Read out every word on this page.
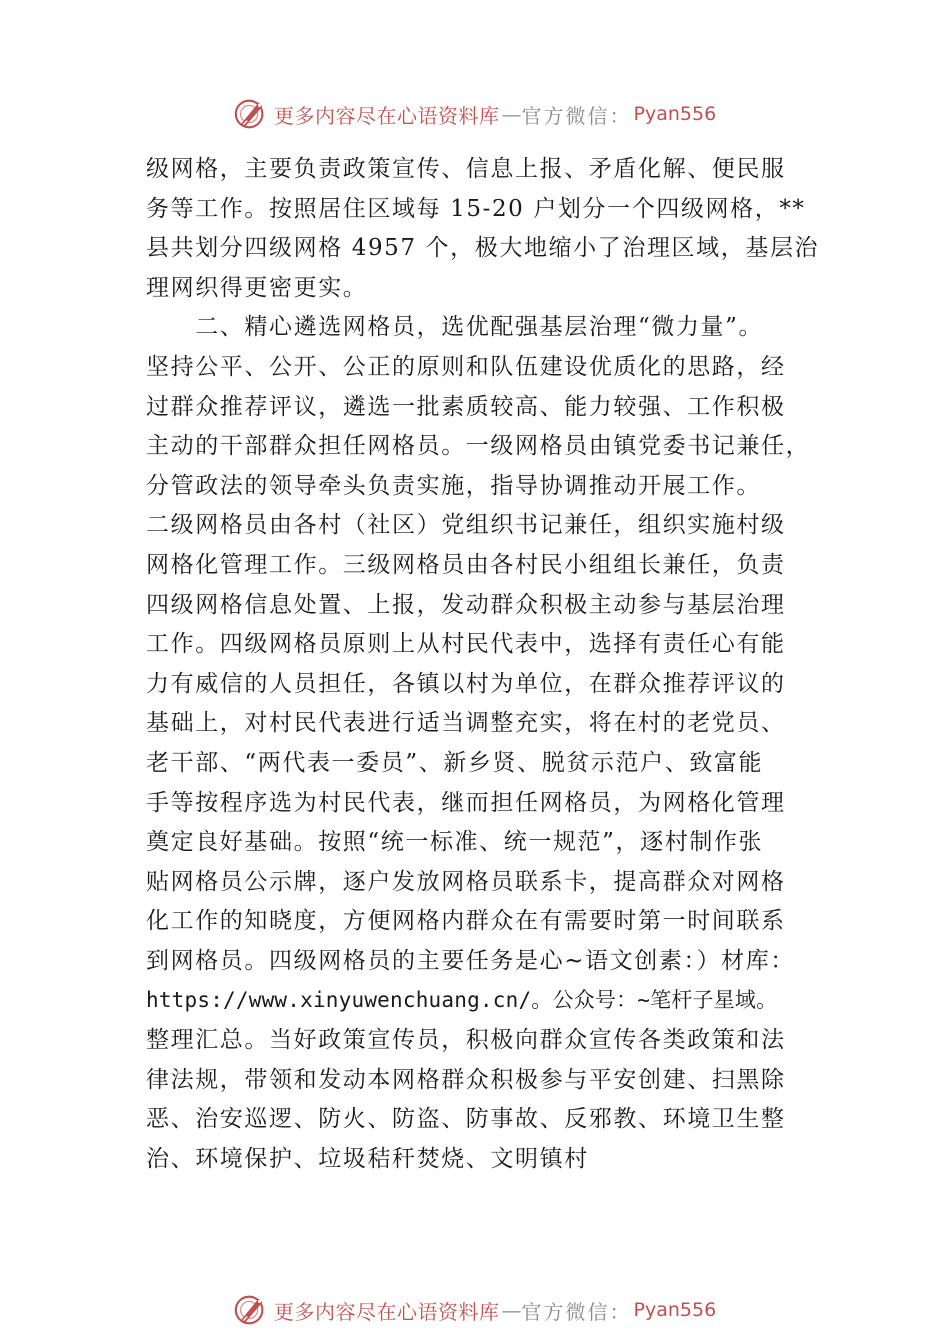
更多内容尽在心语资料库 — 官方微信： Pyan556
级网格，主要负责政策宣传、信息上报、矛盾化解、便民服
务等工作。按照居住区域每 15-20 户划分一个四级网格，**
县共划分四级网格 4957 个，极大地缩小了治理区域，基层治
理网织得更密更实。
　　二、精心遴选网格员，选优配强基层治理“微力量”。
坚持公平、公开、公正的原则和队伍建设优质化的思路，经
过群众推荐评议，遴选一批素质较高、能力较强、工作积极
主动的干部群众担任网格员。一级网格员由镇党委书记兼任，
分管政法的领导牵头负责实施，指导协调推动开展工作。
二级网格员由各村（社区）党组织书记兼任，组织实施村级
网格化管理工作。三级网格员由各村民小组组长兼任，负责
四级网格信息处置、上报，发动群众积极主动参与基层治理
工作。四级网格员原则上从村民代表中，选择有责任心有能
力有威信的人员担任，各镇以村为单位，在群众推荐评议的
基础上，对村民代表进行适当调整充实，将在村的老党员、
老干部、“两代表一委员”、新乡贤、脱贫示范户、致富能
手等按程序选为村民代表，继而担任网格员，为网格化管理
奠定良好基础。按照“统一标准、统一规范”，逐村制作张
贴网格员公示牌，逐户发放网格员联系卡，提高群众对网格
化工作的知晓度，方便网格内群众在有需要时第一时间联系
到网格员。四级网格员的主要任务是心~语文创素：）材库：
https://www.xinyuwenchuang.cn/。公众号：~笔杆子星域。
整理汇总。当好政策宣传员，积极向群众宣传各类政策和法
律法规，带领和发动本网格群众积极参与平安创建、扫黑除
恶、治安巡逻、防火、防盗、防事故、反邪教、环境卫生整
治、环境保护、垃圾秸秆焚烧、文明镇村
更多内容尽在心语资料库 — 官方微信： Pyan556
